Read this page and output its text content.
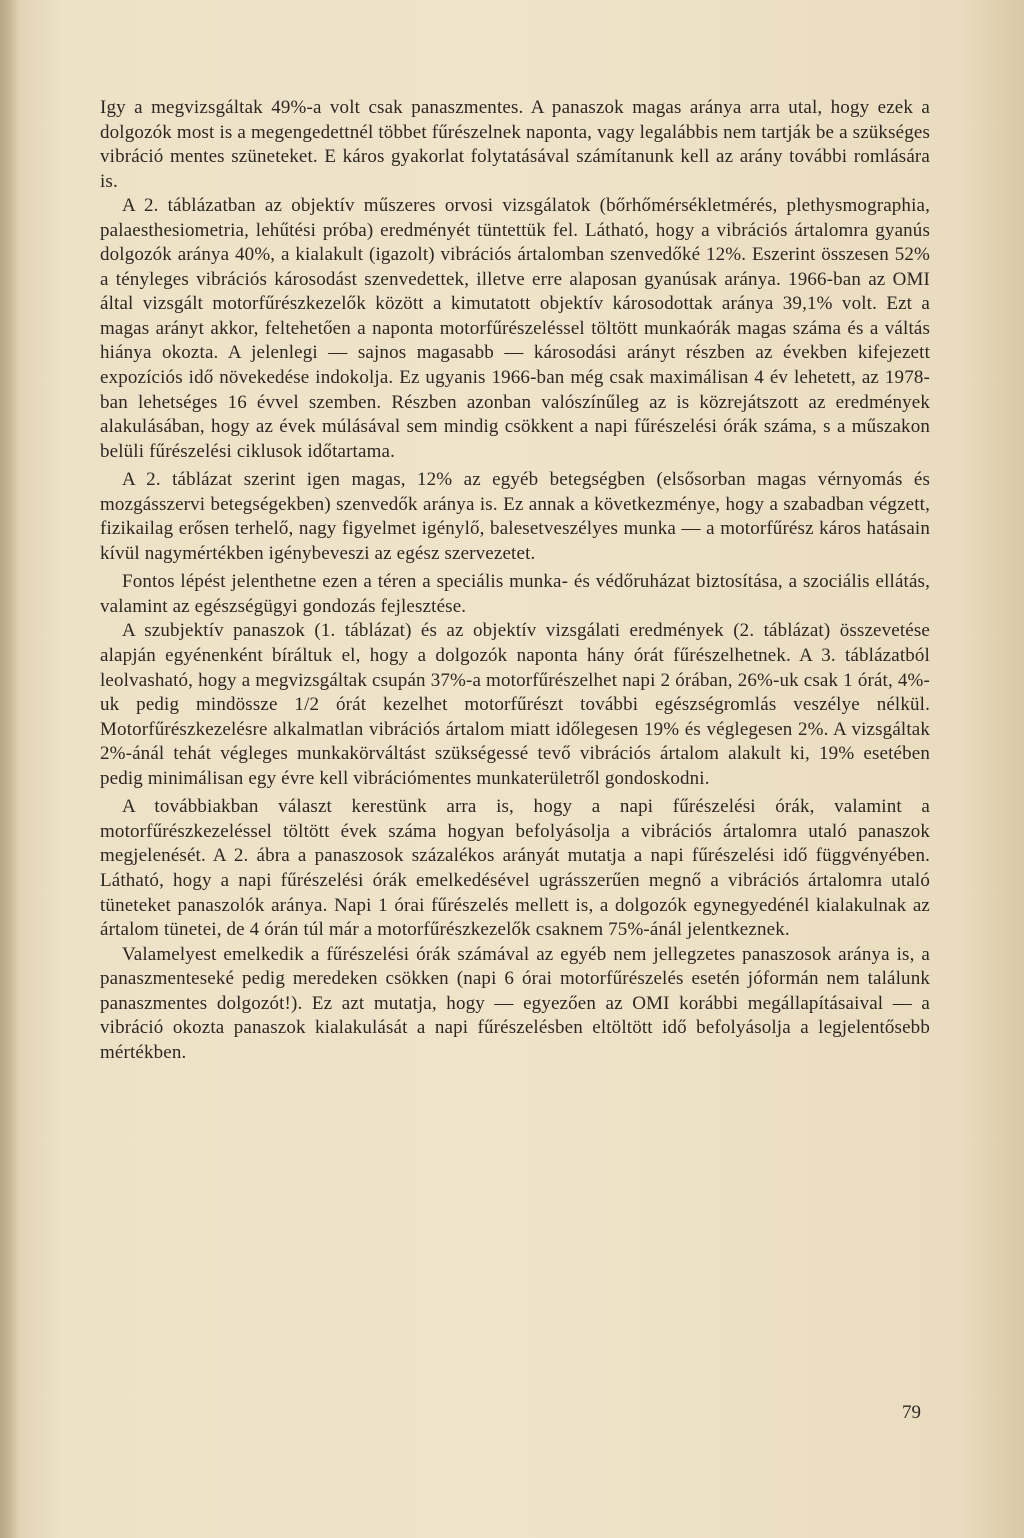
Igy a megvizsgáltak 49%-a volt csak panaszmentes. A panaszok magas aránya arra utal, hogy ezek a dolgozók most is a megengedettnél többet fűrészelnek naponta, vagy legalábbis nem tartják be a szükséges vibráció mentes szüneteket. E káros gyakorlat folytatásával számítanunk kell az arány további romlására is.

A 2. táblázatban az objektív műszeres orvosi vizsgálatok (bőrhőmérsékletmérés, plethysmographia, palaesthesiometria, lehűtési próba) eredményét tüntettük fel. Látható, hogy a vibrációs ártalomra gyanús dolgozók aránya 40%, a kialakult (igazolt) vibrációs ártalomban szenvedőké 12%. Eszerint összesen 52% a tényleges vibrációs károsodást szenvedettek, illetve erre alaposan gyanúsak aránya. 1966-ban az OMI által vizsgált motorfűrészkezelők között a kimutatott objektív károsodottak aránya 39,1% volt. Ezt a magas arányt akkor, feltehetően a naponta motorfűrészeléssel töltött munkaórák magas száma és a váltás hiánya okozta. A jelenlegi — sajnos magasabb — károsodási arányt részben az években kifejezett expozíciós idő növekedése indokolja. Ez ugyanis 1966-ban még csak maximálisan 4 év lehetett, az 1978-ban lehetséges 16 évvel szemben. Részben azonban valószínűleg az is közrejátszott az eredmények alakulásában, hogy az évek múlásával sem mindig csökkent a napi fűrészelési órák száma, s a műszakon belüli fűrészelési ciklusok időtartama.

A 2. táblázat szerint igen magas, 12% az egyéb betegségben (elsősorban magas vérnyomás és mozgásszervi betegségekben) szenvedők aránya is. Ez annak a következménye, hogy a szabadban végzett, fizikailag erősen terhelő, nagy figyelmet igénylő, balesetveszélyes munka — a motorfűrész káros hatásain kívül nagymértékben igénybeveszi az egész szervezetet.

Fontos lépést jelenthetne ezen a téren a speciális munka- és védőruházat biztosítása, a szociális ellátás, valamint az egészségügyi gondozás fejlesztése.

A szubjektív panaszok (1. táblázat) és az objektív vizsgálati eredmények (2. táblázat) összevetése alapján egyénenként bíráltuk el, hogy a dolgozók naponta hány órát fűrészelhetnek. A 3. táblázatból leolvasható, hogy a megvizsgáltak csupán 37%-a motorfűrészelhet napi 2 órában, 26%-uk csak 1 órát, 4%-uk pedig mindössze 1/2 órát kezelhet motorfűrészt további egészségromlás veszélye nélkül. Motorfűrészkezelésre alkalmatlan vibrációs ártalom miatt időlegesen 19% és véglegesen 2%. A vizsgáltak 2%-ánál tehát végleges munkakörváltást szükségessé tevő vibrációs ártalom alakult ki, 19% esetében pedig minimálisan egy évre kell vibrációmentes munkaterületről gondoskodni.

A továbbiakban választ kerestünk arra is, hogy a napi fűrészelési órák, valamint a motorfűrészkezeléssel töltött évek száma hogyan befolyásolja a vibrációs ártalomra utaló panaszok megjelenését. A 2. ábra a panaszosok százalékos arányát mutatja a napi fűrészelési idő függvényében. Látható, hogy a napi fűrészelési órák emelkedésével ugrásszerűen megnő a vibrációs ártalomra utaló tüneteket panaszolók aránya. Napi 1 órai fűrészelés mellett is, a dolgozók egynegyedénél kialakulnak az ártalom tünetei, de 4 órán túl már a motorfűrészkezelők csaknem 75%-ánál jelentkeznek.

Valamelyest emelkedik a fűrészelési órák számával az egyéb nem jellegzetes panaszosok aránya is, a panaszmenteseké pedig meredeken csökken (napi 6 órai motorfűrészelés esetén jóformán nem találunk panaszmentes dolgozót!). Ez azt mutatja, hogy — egyezően az OMI korábbi megállapításaival — a vibráció okozta panaszok kialakulását a napi fűrészelésben eltöltött idő befolyásolja a legjelentősebb mértékben.

79
